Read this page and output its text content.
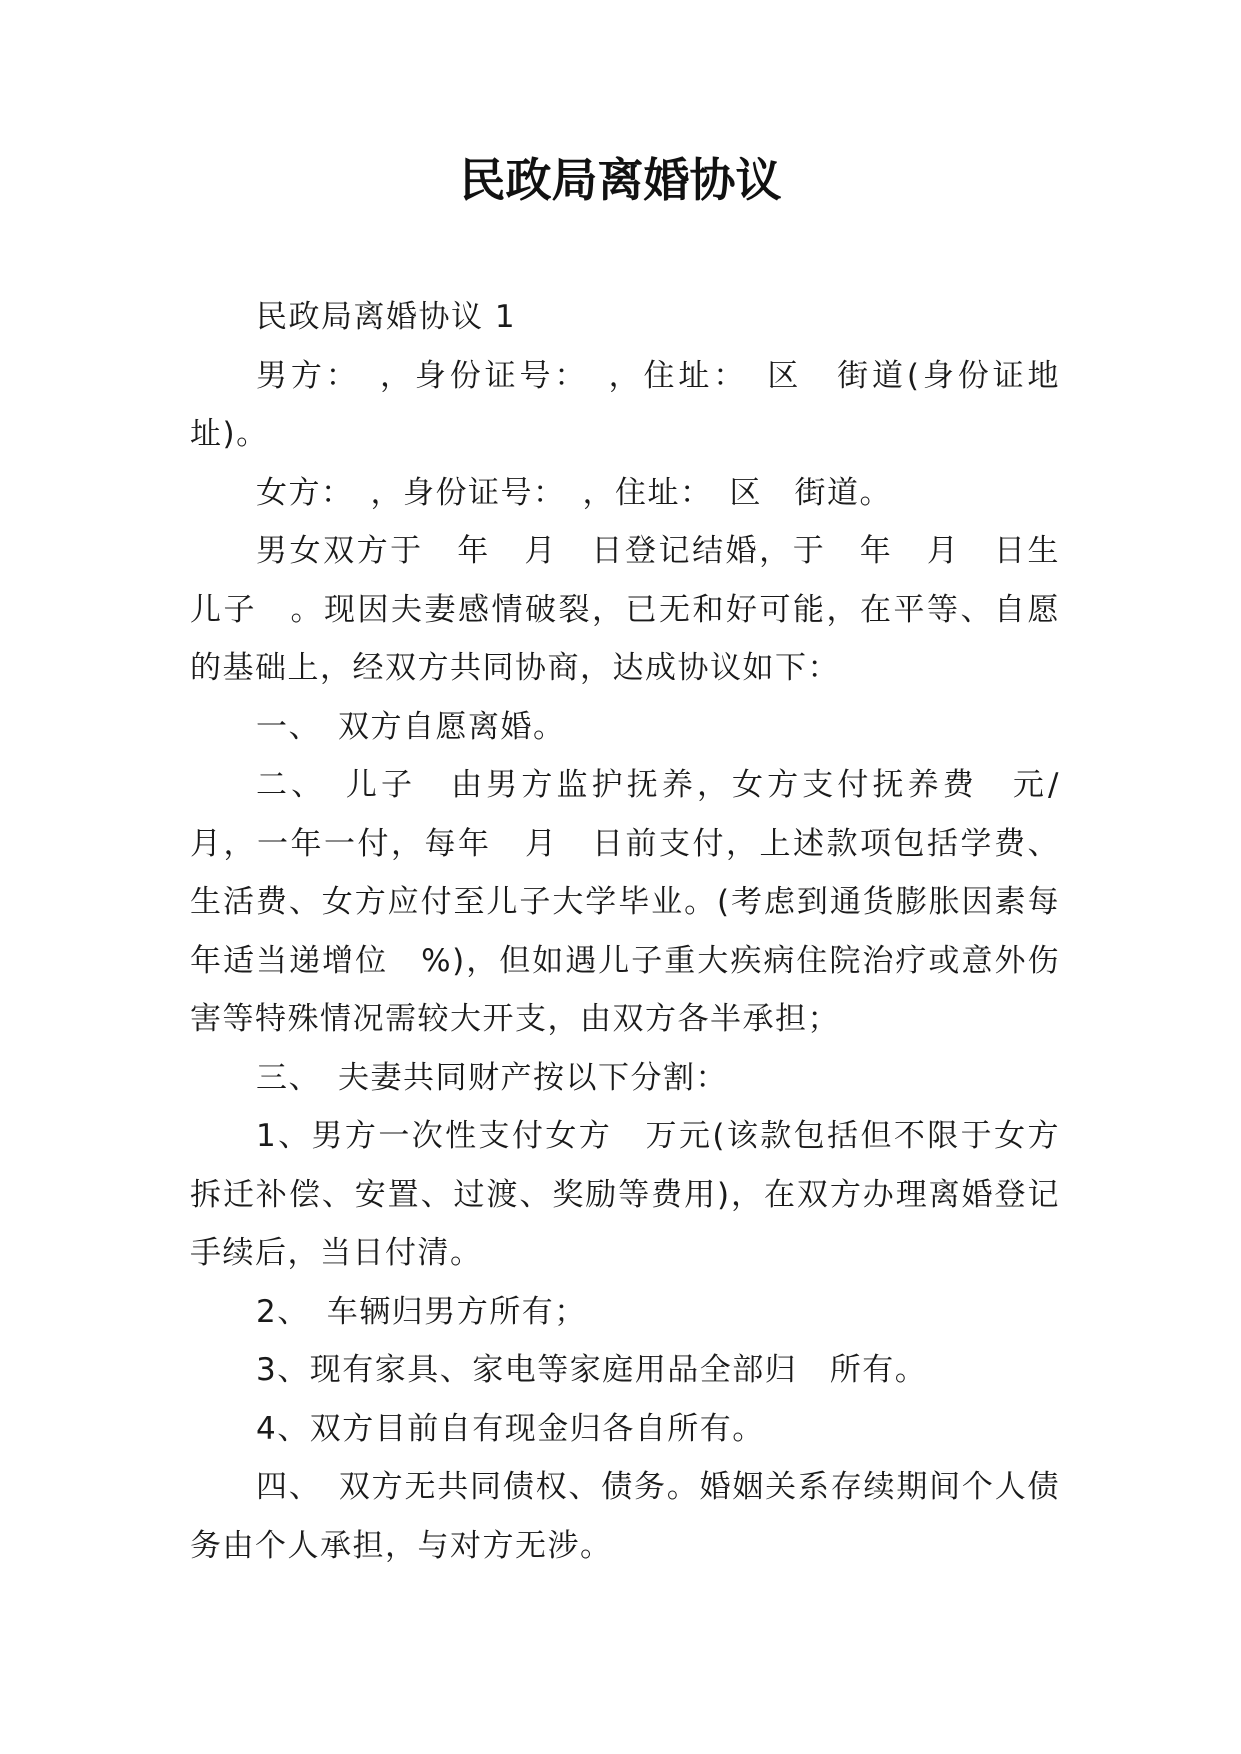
民政局离婚协议

民政局离婚协议 1

男方：　，身份证号：　，住址：　区　街道(身份证地址)。

女方：　，身份证号：　，住址：　区　街道。

男女双方于　年　月　日登记结婚，于　年　月　日生儿子　。现因夫妻感情破裂，已无和好可能，在平等、自愿的基础上，经双方共同协商，达成协议如下：

一、　双方自愿离婚。

二、　儿子　由男方监护抚养，女方支付抚养费　元/月，一年一付，每年　月　日前支付，上述款项包括学费、生活费、女方应付至儿子大学毕业。(考虑到通货膨胀因素每年适当递增位　%)，但如遇儿子重大疾病住院治疗或意外伤害等特殊情况需较大开支，由双方各半承担；

三、　夫妻共同财产按以下分割：

1、男方一次性支付女方　万元(该款包括但不限于女方拆迁补偿、安置、过渡、奖励等费用)，在双方办理离婚登记手续后，当日付清。

2、　车辆归男方所有；

3、现有家具、家电等家庭用品全部归　所有。

4、双方目前自有现金归各自所有。

四、　双方无共同债权、债务。婚姻关系存续期间个人债务由个人承担，与对方无涉。
